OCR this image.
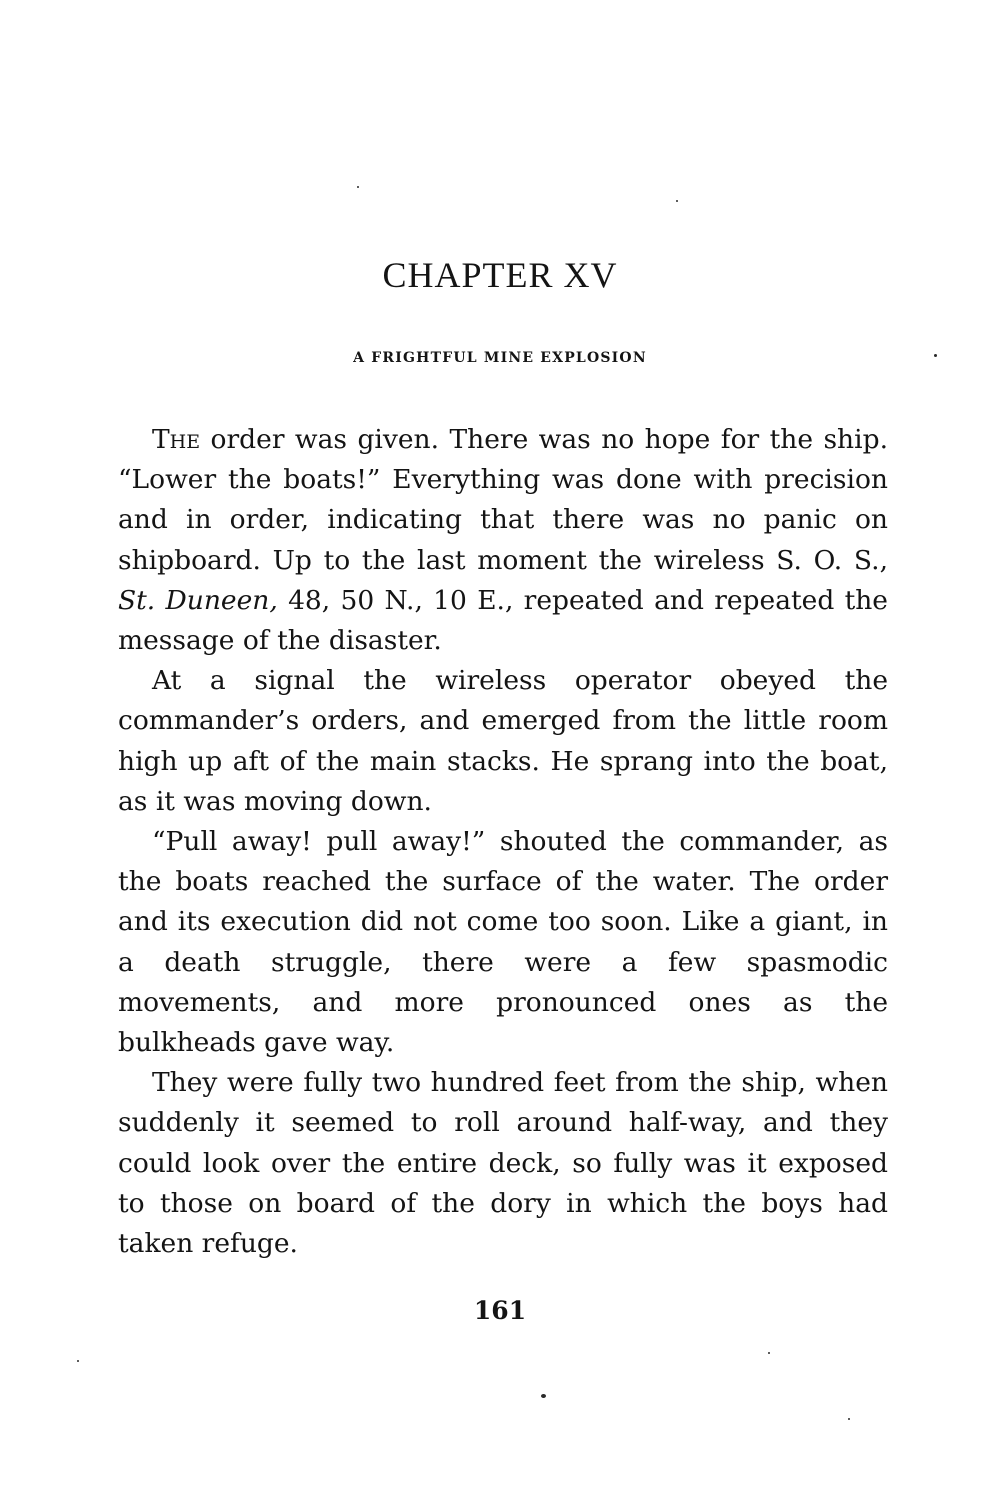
CHAPTER XV
A FRIGHTFUL MINE EXPLOSION

The order was given. There was no hope for the ship. “Lower the boats!” Everything was done with precision and in order, indicating that there was no panic on shipboard. Up to the last moment the wireless S. O. S., St. Duneen, 48, 50 N., 10 E., repeated and repeated the message of the disaster.

At a signal the wireless operator obeyed the commander’s orders, and emerged from the little room high up aft of the main stacks. He sprang into the boat, as it was moving down.

“Pull away! pull away!” shouted the commander, as the boats reached the surface of the water. The order and its execution did not come too soon. Like a giant, in a death struggle, there were a few spasmodic movements, and more pronounced ones as the bulkheads gave way.

They were fully two hundred feet from the ship, when suddenly it seemed to roll around half-way, and they could look over the entire deck, so fully was it exposed to those on board of the dory in which the boys had taken refuge.

161
